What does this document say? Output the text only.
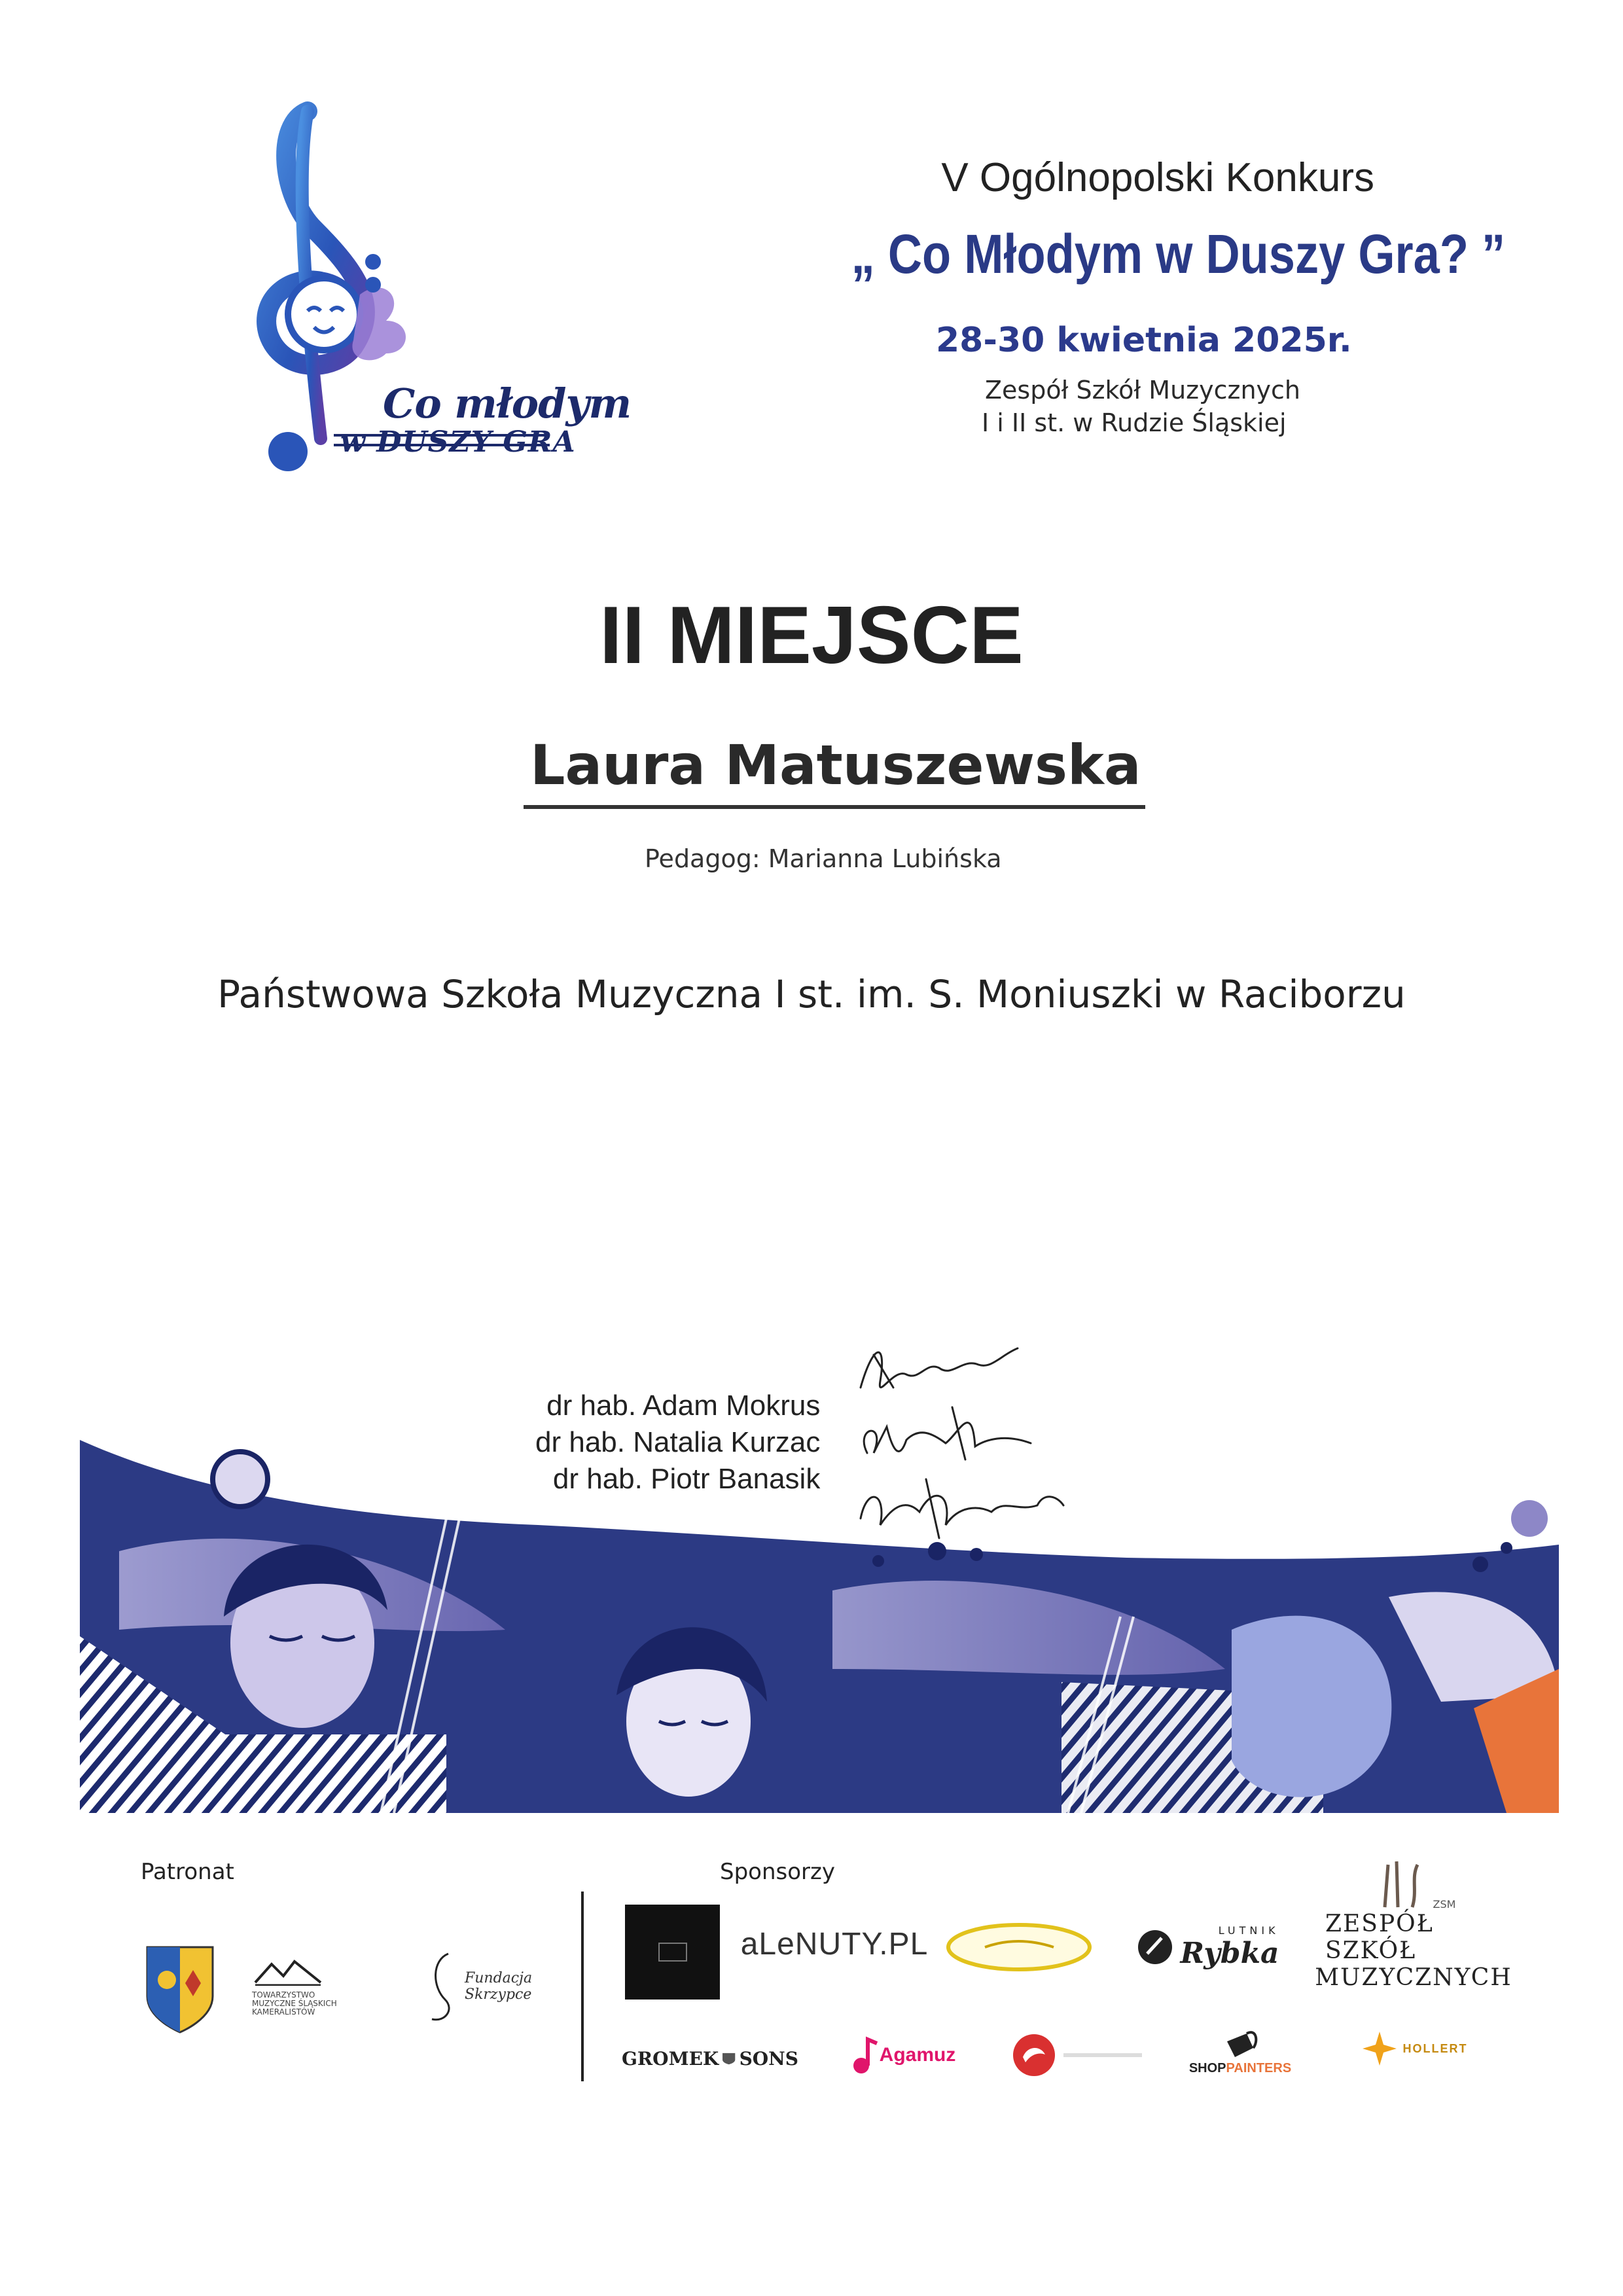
Co młodym
w DUSZY GRA
V Ogólnopolski Konkurs
„ Co Młodym w Duszy Gra? ”
28-30 kwietnia 2025r.
Zespół Szkół Muzycznych
I i II st. w Rudzie Śląskiej
II MIEJSCE
Laura Matuszewska
Pedagog: Marianna Lubińska
Państwowa Szkoła Muzyczna I st. im. S. Moniuszki w Raciborzu
dr hab. Adam Mokrus
dr hab. Natalia Kurzac
dr hab. Piotr Banasik
Patronat	Sponsorzy
TOWARZYSTWO MUZYCZNE ŚLĄSKICH KAMERALISTÓW
Fundacja Skrzypce
aLeNUTY.PL	LUTNIK
Rybka
ZSM
ZESPÓŁ SZKÓŁ
MUZYCZNYCH
GROMEK SONS	Agamuz
SHOPPAINTERS
HOLLERT
